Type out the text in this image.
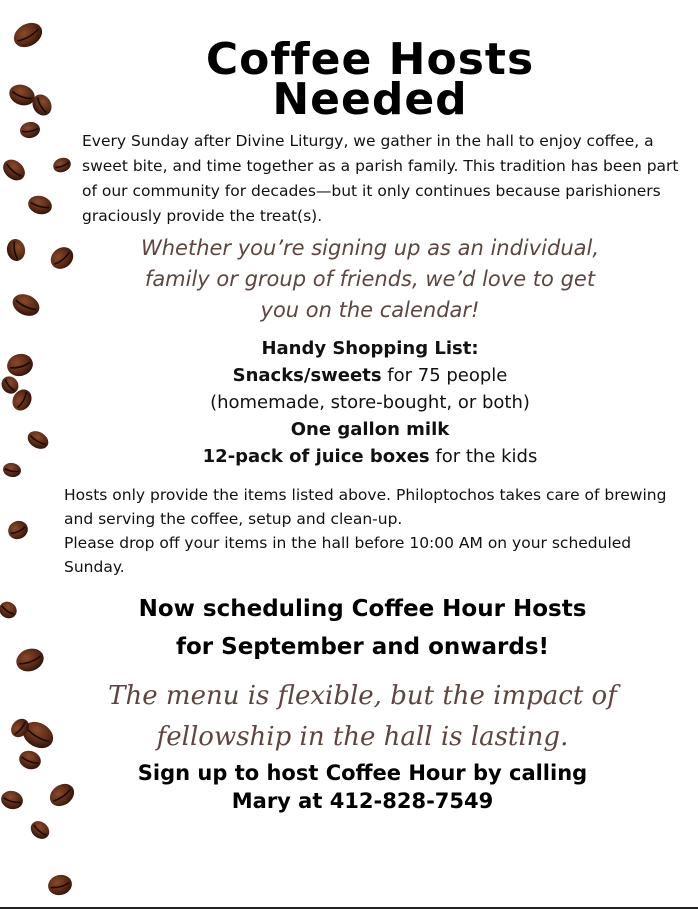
Coffee Hosts
Needed
Every Sunday after Divine Liturgy, we gather in the hall to enjoy coffee, a sweet bite, and time together as a parish family. This tradition has been part of our community for decades—but it only continues because parishioners graciously provide the treat(s).
Whether you’re signing up as an individual,
family or group of friends, we’d love to get
you on the calendar!
Handy Shopping List:
Snacks/sweets for 75 people
(homemade, store-bought, or both)
One gallon milk
12-pack of juice boxes for the kids
Hosts only provide the items listed above. Philoptochos takes care of brewing and serving the coffee, setup and clean-up.
Please drop off your items in the hall before 10:00 AM on your scheduled Sunday.
Now scheduling Coffee Hour Hosts
for September and onwards!
The menu is flexible, but the impact of
fellowship in the hall is lasting.
Sign up to host Coffee Hour by calling
Mary at 412-828-7549
